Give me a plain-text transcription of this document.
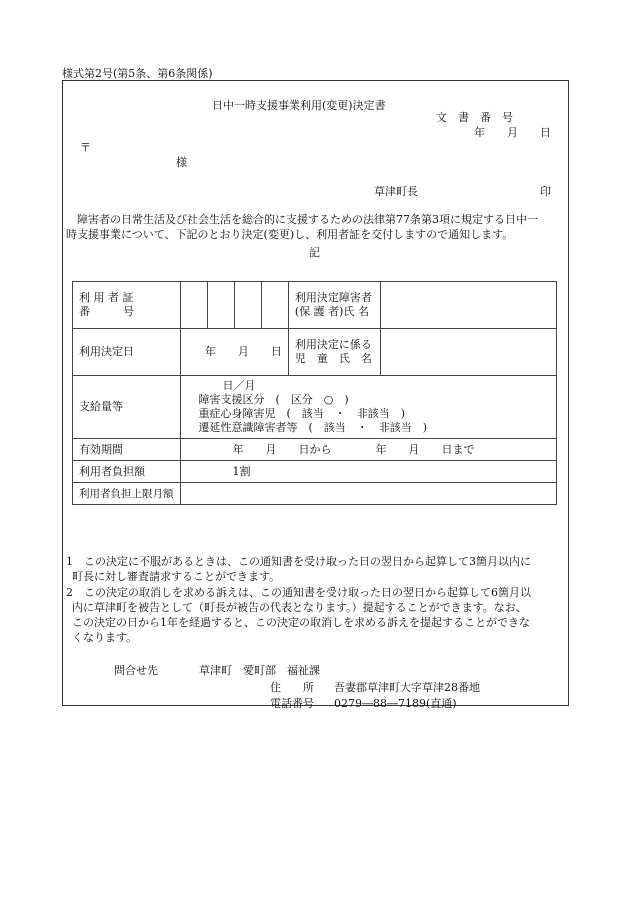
様式第2号(第5条、第6条関係)
日中一時支援事業利用(変更)決定書
文　書　番　号
年　　月　　日
〒
様
草津町長	印
　障害者の日常生活及び社会生活を総合的に支援するための法律第77条第3項に規定する日中一
時支援事業について、下記のとおり決定(変更)し、利用者証を交付しますので通知します。
記
利 用 者 証
番　　　号					利用決定障害者
(保 護 者)氏 名	

利用決定日	年　　月　　日				利用決定に係る
児　童　氏　名	

支給量等	日／月
障害支援区分　(　区分　○　)
重症心身障害児　(　該当　・　非該当　)
遷延性意識障害者等　(　該当　・　非該当　)					

有効期間	年　　月　　日から　　　　年　　月　　日まで					
利用者負担額	1割					
利用者負担上限月額						
1　この決定に不服があるときは、この通知書を受け取った日の翌日から起算して3箇月以内に
町長に対し審査請求することができます。
2　この決定の取消しを求める訴えは、この通知書を受け取った日の翌日から起算して6箇月以
内に草津町を被告として（町長が被告の代表となります。）提起することができます。なお、
この決定の日から1年を経過すると、この決定の取消しを求める訴えを提起することができな
くなります。
問合せ先	草津町　愛町部　福祉課
住　　所 吾妻郡草津町大字草津28番地
電話番号 0279―88―7189(直通)
